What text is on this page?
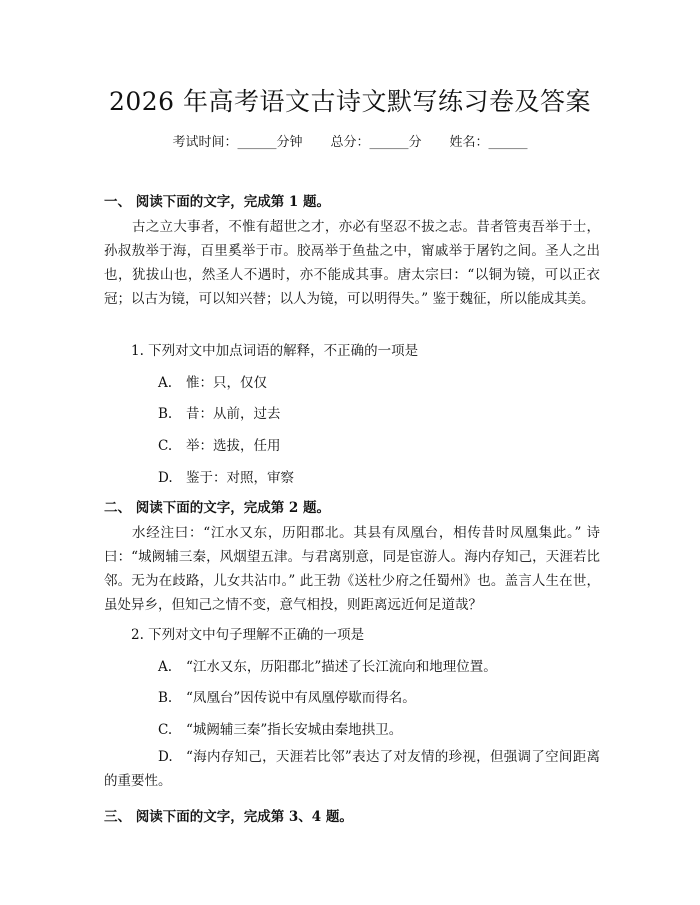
2026 年高考语文古诗文默写练习卷及答案
考试时间：______分钟 总分：______分 姓名：______
一、 阅读下面的文字，完成第 1 题。
古之立大事者，不惟有超世之才，亦必有坚忍不拔之志。昔者管夷吾举于士，孙叔敖举于海，百里奚举于市。胶鬲举于鱼盐之中，甯戚举于屠钓之间。圣人之出也，犹拔山也，然圣人不遇时，亦不能成其事。唐太宗曰：“以铜为镜，可以正衣冠；以古为镜，可以知兴替；以人为镜，可以明得失。” 鉴于魏征，所以能成其美。
1. 下列对文中加点词语的解释，不正确的一项是
A. 惟：只，仅仅
B. 昔：从前，过去
C. 举：选拔，任用
D. 鉴于：对照，审察
二、 阅读下面的文字，完成第 2 题。
水经注曰：“江水又东，历阳郡北。其县有凤凰台，相传昔时凤凰集此。” 诗曰：“城阙辅三秦，风烟望五津。与君离别意，同是宦游人。海内存知己，天涯若比邻。无为在歧路，儿女共沾巾。” 此王勃《送杜少府之任蜀州》也。盖言人生在世，虽处异乡，但知己之情不变，意气相投，则距离远近何足道哉？
2. 下列对文中句子理解不正确的一项是
A. “江水又东，历阳郡北”描述了长江流向和地理位置。
B. “凤凰台”因传说中有凤凰停歇而得名。
C. “城阙辅三秦”指长安城由秦地拱卫。
D. “海内存知己，天涯若比邻”表达了对友情的珍视，但强调了空间距离的重要性。
三、 阅读下面的文字，完成第 3、4 题。
